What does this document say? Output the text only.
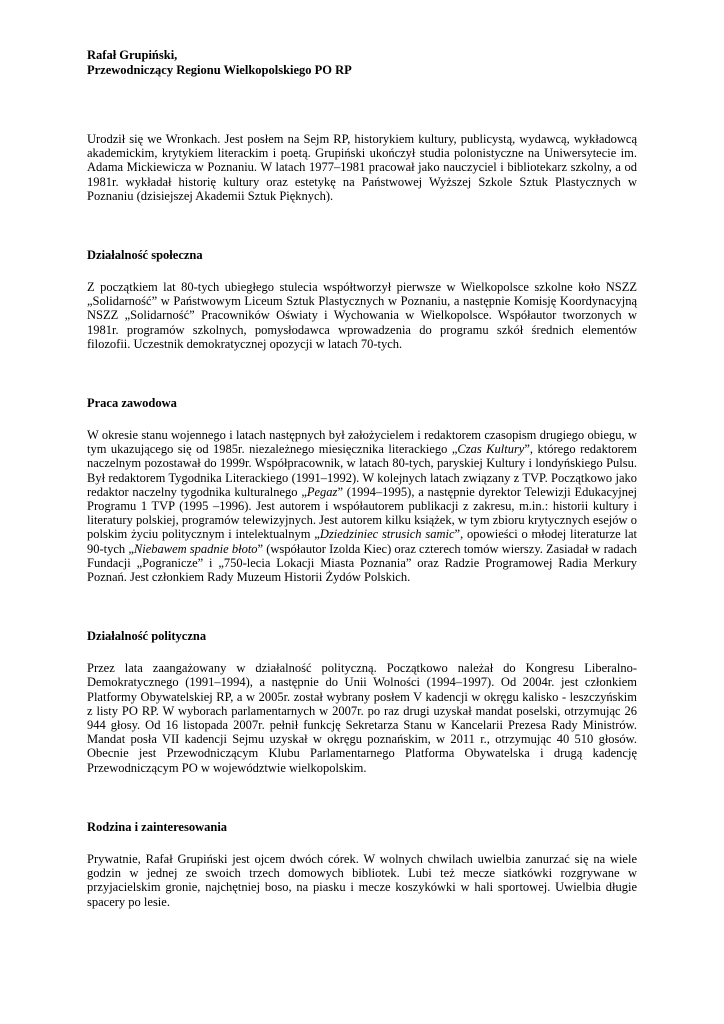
Rafał Grupiński,

Przewodniczący Regionu Wielkopolskiego PO RP

Urodził się we Wronkach. Jest posłem na Sejm RP, historykiem kultury, publicystą, wydawcą, wykładowcą akademickim, krytykiem literackim i poetą. Grupiński ukończył studia polonistyczne na Uniwersytecie im. Adama Mickiewicza w Poznaniu. W latach 1977–1981 pracował jako nauczyciel i bibliotekarz szkolny, a od 1981r. wykładał historię kultury oraz estetykę na Państwowej Wyższej Szkole Sztuk Plastycznych w Poznaniu (dzisiejszej Akademii Sztuk Pięknych).

Działalność społeczna

Z początkiem lat 80-tych ubiegłego stulecia współtworzył pierwsze w Wielkopolsce szkolne koło NSZZ „Solidarność” w Państwowym Liceum Sztuk Plastycznych w Poznaniu, a następnie Komisję Koordynacyjną NSZZ „Solidarność” Pracowników Oświaty i Wychowania w Wielkopolsce. Współautor tworzonych w 1981r. programów szkolnych, pomysłodawca wprowadzenia do programu szkół średnich elementów filozofii. Uczestnik demokratycznej opozycji w latach 70-tych.

Praca zawodowa

W okresie stanu wojennego i latach następnych był założycielem i redaktorem czasopism drugiego obiegu, w tym ukazującego się od 1985r. niezależnego miesięcznika literackiego „Czas Kultury”, którego redaktorem naczelnym pozostawał do 1999r. Współpracownik, w latach 80-tych, paryskiej Kultury i londyńskiego Pulsu. Był redaktorem Tygodnika Literackiego (1991–1992). W kolejnych latach związany z TVP. Początkowo jako redaktor naczelny tygodnika kulturalnego „Pegaz” (1994–1995), a następnie dyrektor Telewizji Edukacyjnej Programu 1 TVP (1995 –1996). Jest autorem i współautorem publikacji z zakresu, m.in.: historii kultury i literatury polskiej, programów telewizyjnych. Jest autorem kilku książek, w tym zbioru krytycznych esejów o polskim życiu politycznym i intelektualnym „Dziedziniec strusich samic”, opowieści o młodej literaturze lat 90-tych „Niebawem spadnie błoto” (współautor Izolda Kiec) oraz czterech tomów wierszy. Zasiadał w radach Fundacji „Pogranicze” i „750-lecia Lokacji Miasta Poznania” oraz Radzie Programowej Radia Merkury Poznań. Jest członkiem Rady Muzeum Historii Żydów Polskich.

Działalność polityczna

Przez lata zaangażowany w działalność polityczną. Początkowo należał do Kongresu Liberalno-Demokratycznego (1991–1994), a następnie do Unii Wolności (1994–1997). Od 2004r. jest członkiem Platformy Obywatelskiej RP, a w 2005r. został wybrany posłem V kadencji w okręgu kalisko - leszczyńskim z listy PO RP. W wyborach parlamentarnych w 2007r. po raz drugi uzyskał mandat poselski, otrzymując 26 944 głosy. Od 16 listopada 2007r. pełnił funkcję Sekretarza Stanu w Kancelarii Prezesa Rady Ministrów. Mandat posła VII kadencji Sejmu uzyskał w okręgu poznańskim, w 2011 r., otrzymując 40 510 głosów. Obecnie jest Przewodniczącym Klubu Parlamentarnego Platforma Obywatelska i drugą kadencję Przewodniczącym PO w województwie wielkopolskim.

Rodzina i zainteresowania

Prywatnie, Rafał Grupiński jest ojcem dwóch córek. W wolnych chwilach uwielbia zanurzać się na wiele godzin w jednej ze swoich trzech domowych bibliotek. Lubi też mecze siatkówki rozgrywane w przyjacielskim gronie, najchętniej boso, na piasku i mecze koszykówki w hali sportowej. Uwielbia długie spacery po lesie.
